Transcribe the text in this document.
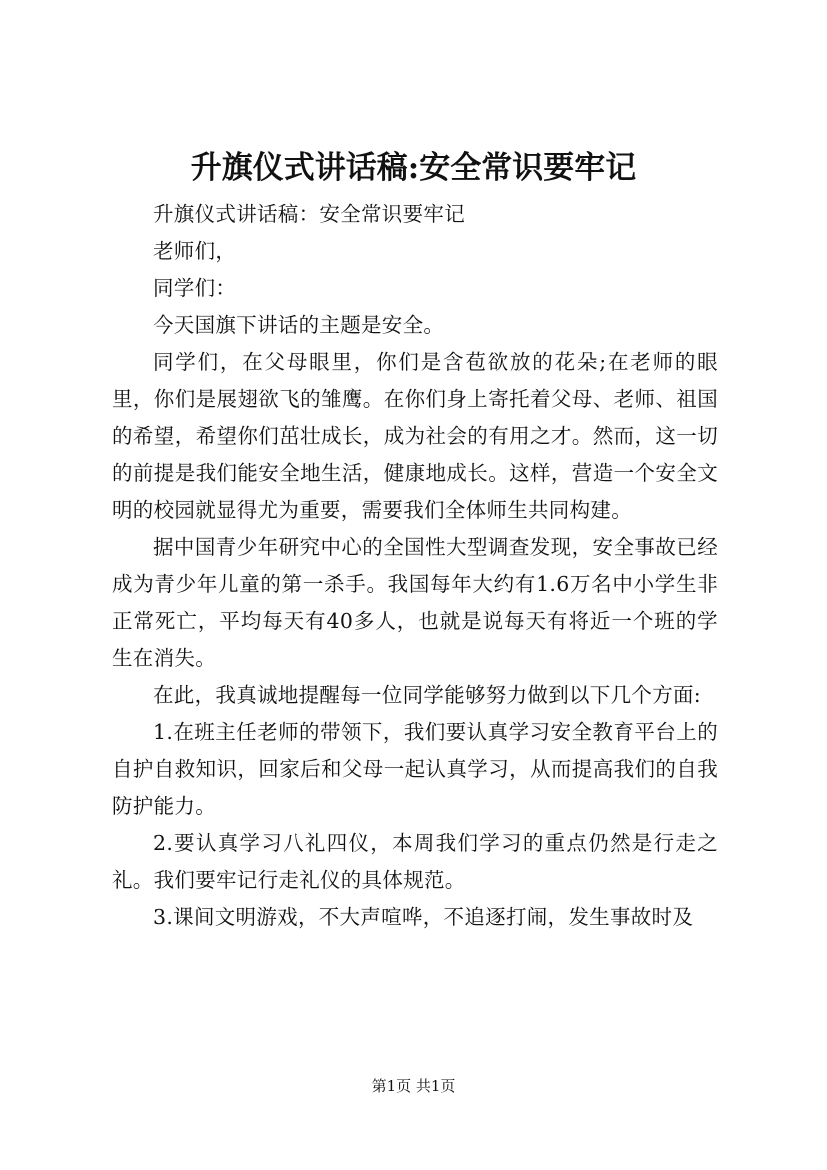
升旗仪式讲话稿:安全常识要牢记

升旗仪式讲话稿：安全常识要牢记

老师们，

同学们：

今天国旗下讲话的主题是安全。

同学们，在父母眼里，你们是含苞欲放的花朵;在老师的眼里，你们是展翅欲飞的雏鹰。在你们身上寄托着父母、老师、祖国的希望，希望你们茁壮成长，成为社会的有用之才。然而，这一切的前提是我们能安全地生活，健康地成长。这样，营造一个安全文明的校园就显得尤为重要，需要我们全体师生共同构建。

据中国青少年研究中心的全国性大型调查发现，安全事故已经成为青少年儿童的第一杀手。我国每年大约有1.6万名中小学生非正常死亡，平均每天有40多人，也就是说每天有将近一个班的学生在消失。

在此，我真诚地提醒每一位同学能够努力做到以下几个方面:

1.在班主任老师的带领下，我们要认真学习安全教育平台上的自护自救知识，回家后和父母一起认真学习，从而提高我们的自我防护能力。

2.要认真学习八礼四仪，本周我们学习的重点仍然是行走之礼。我们要牢记行走礼仪的具体规范。

3.课间文明游戏，不大声喧哗，不追逐打闹，发生事故时及

第1页 共1页
